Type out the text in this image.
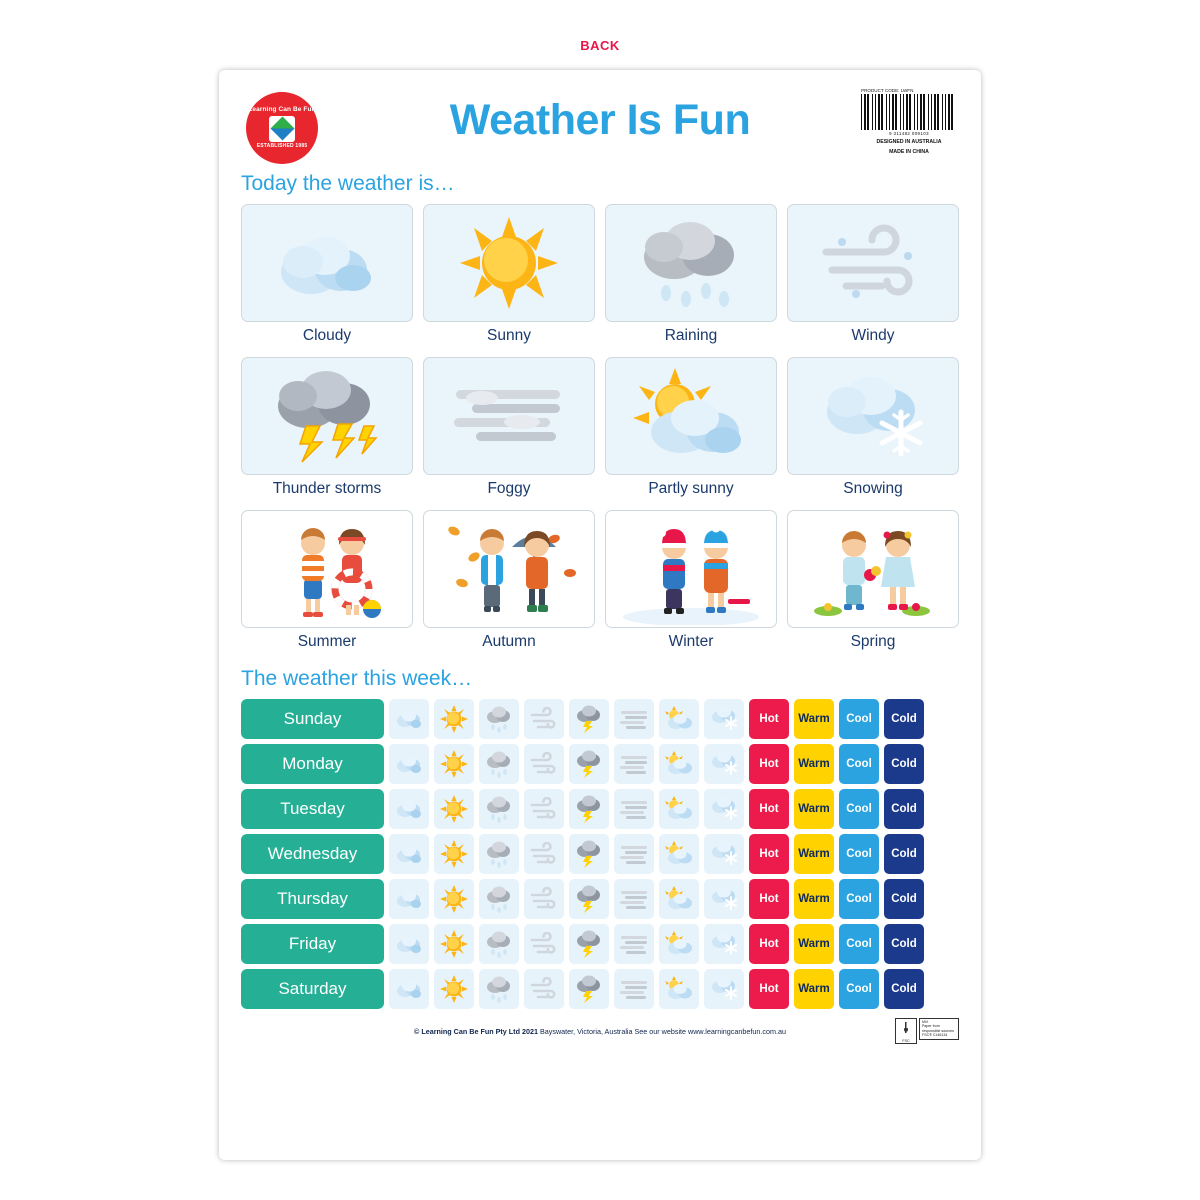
BACK
Learning Can Be Fun
ESTABLISHED 1985
Weather Is Fun
PRODUCT CODE: LWFN
9 311482 009103
DESIGNED IN AUSTRALIA
MADE IN CHINA
Today the weather is…
Cloudy	Sunny	Raining	Windy
Thunder storms	Foggy	Partly sunny	Snowing
Summer	Autumn	Winter	Spring
The weather this week…
Sunday	Hot	Warm	Cool	Cold
Monday	Hot	Warm	Cool	Cold
Tuesday	Hot	Warm	Cool	Cold
Wednesday	Hot	Warm	Cool	Cold
Thursday	Hot	Warm	Cool	Cold
Friday	Hot	Warm	Cool	Cold
Saturday	Hot	Warm	Cool	Cold
© Learning Can Be Fun Pty Ltd 2021 Bayswater, Victoria, Australia See our website www.learningcanbefun.com.au
FSC
MIX
Paper from
responsible sources
FSC® C146134
